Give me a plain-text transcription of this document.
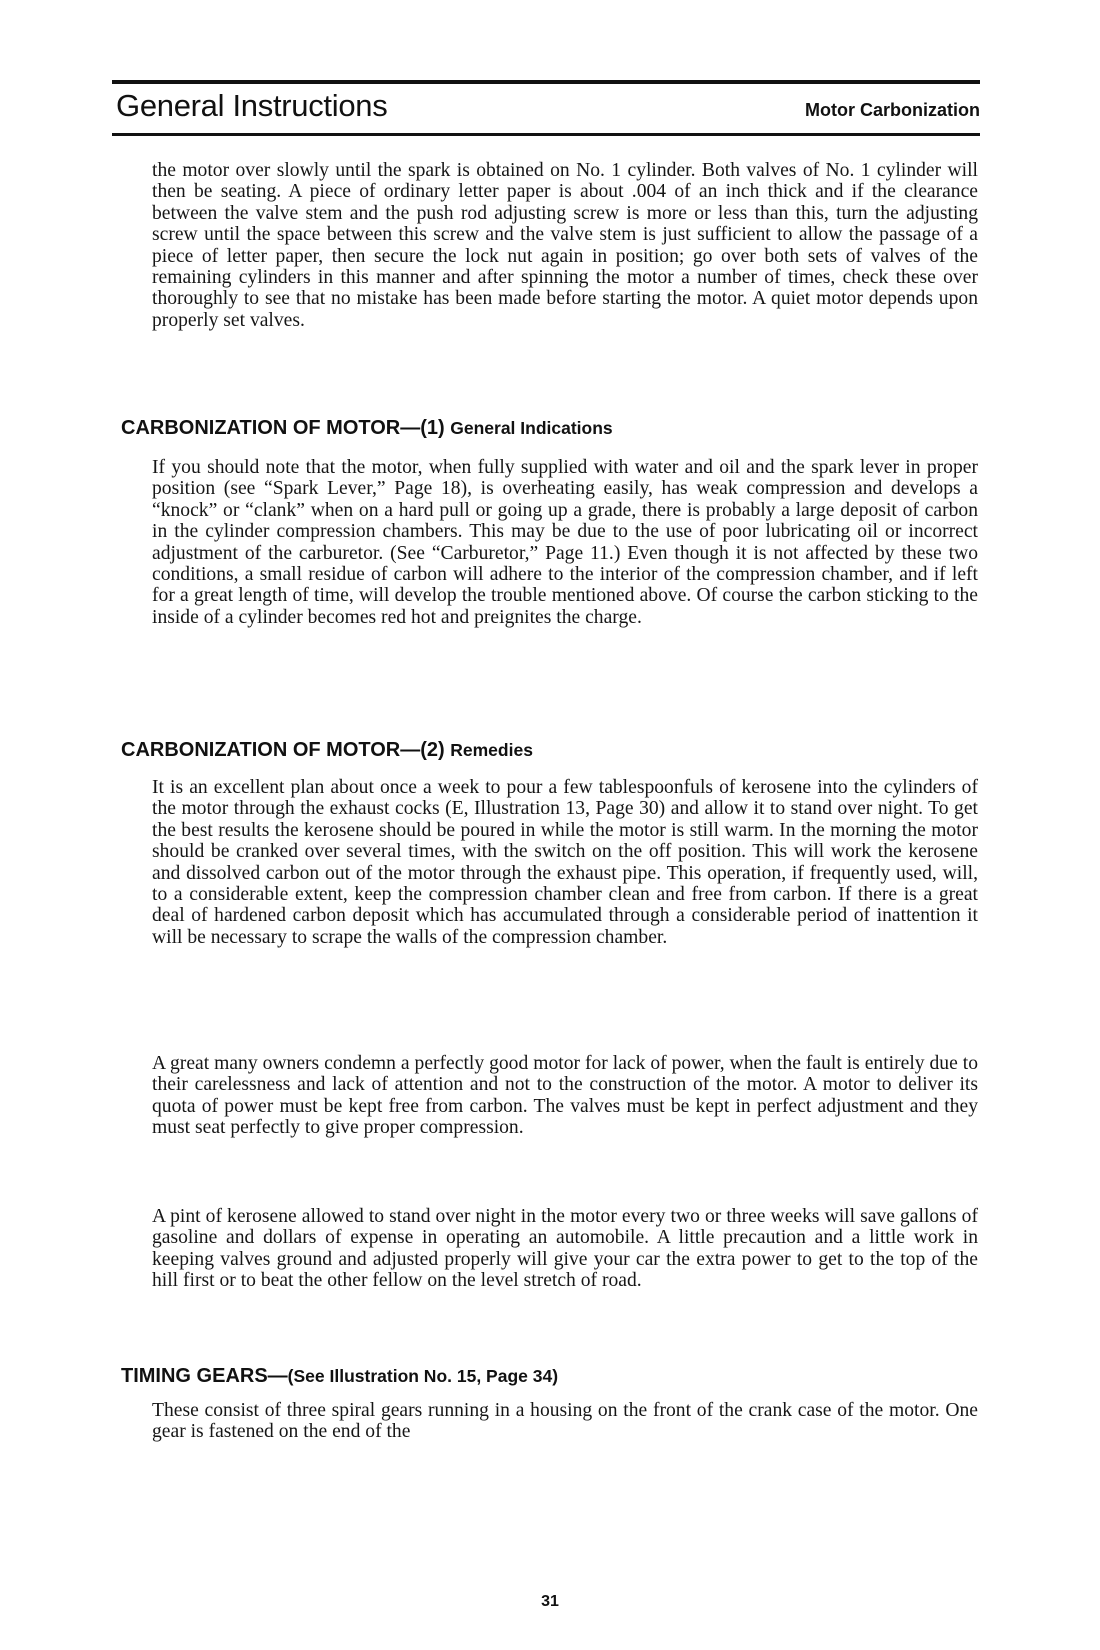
General Instructions	Motor Carbonization

the motor over slowly until the spark is obtained on No. 1 cylinder. Both valves of No. 1 cylinder will then be seating. A piece of ordinary letter paper is about .004 of an inch thick and if the clearance between the valve stem and the push rod adjusting screw is more or less than this, turn the adjusting screw until the space between this screw and the valve stem is just sufficient to allow the passage of a piece of letter paper, then secure the lock nut again in position; go over both sets of valves of the remaining cylinders in this manner and after spinning the motor a number of times, check these over thoroughly to see that no mistake has been made before starting the motor. A quiet motor depends upon properly set valves.

CARBONIZATION OF MOTOR—(1) General Indications

If you should note that the motor, when fully supplied with water and oil and the spark lever in proper position (see “Spark Lever,” Page 18), is overheating easily, has weak compression and develops a “knock” or “clank” when on a hard pull or going up a grade, there is probably a large deposit of carbon in the cylinder compression chambers. This may be due to the use of poor lubricating oil or incorrect adjustment of the carburetor. (See “Carburetor,” Page 11.) Even though it is not affected by these two conditions, a small residue of carbon will adhere to the interior of the compression chamber, and if left for a great length of time, will develop the trouble mentioned above. Of course the carbon sticking to the inside of a cylinder becomes red hot and preignites the charge.

CARBONIZATION OF MOTOR—(2) Remedies

It is an excellent plan about once a week to pour a few tablespoonfuls of kerosene into the cylinders of the motor through the exhaust cocks (E, Illustration 13, Page 30) and allow it to stand over night. To get the best results the kerosene should be poured in while the motor is still warm. In the morning the motor should be cranked over several times, with the switch on the off position. This will work the kerosene and dissolved carbon out of the motor through the exhaust pipe. This operation, if frequently used, will, to a considerable extent, keep the compression chamber clean and free from carbon. If there is a great deal of hardened carbon deposit which has accumulated through a considerable period of inattention it will be necessary to scrape the walls of the compression chamber.

A great many owners condemn a perfectly good motor for lack of power, when the fault is entirely due to their carelessness and lack of attention and not to the construction of the motor. A motor to deliver its quota of power must be kept free from carbon. The valves must be kept in perfect adjustment and they must seat perfectly to give proper compression.

A pint of kerosene allowed to stand over night in the motor every two or three weeks will save gallons of gasoline and dollars of expense in operating an automobile. A little precaution and a little work in keeping valves ground and adjusted properly will give your car the extra power to get to the top of the hill first or to beat the other fellow on the level stretch of road.

TIMING GEARS—(See Illustration No. 15, Page 34)

These consist of three spiral gears running in a housing on the front of the crank case of the motor. One gear is fastened on the end of the

31
